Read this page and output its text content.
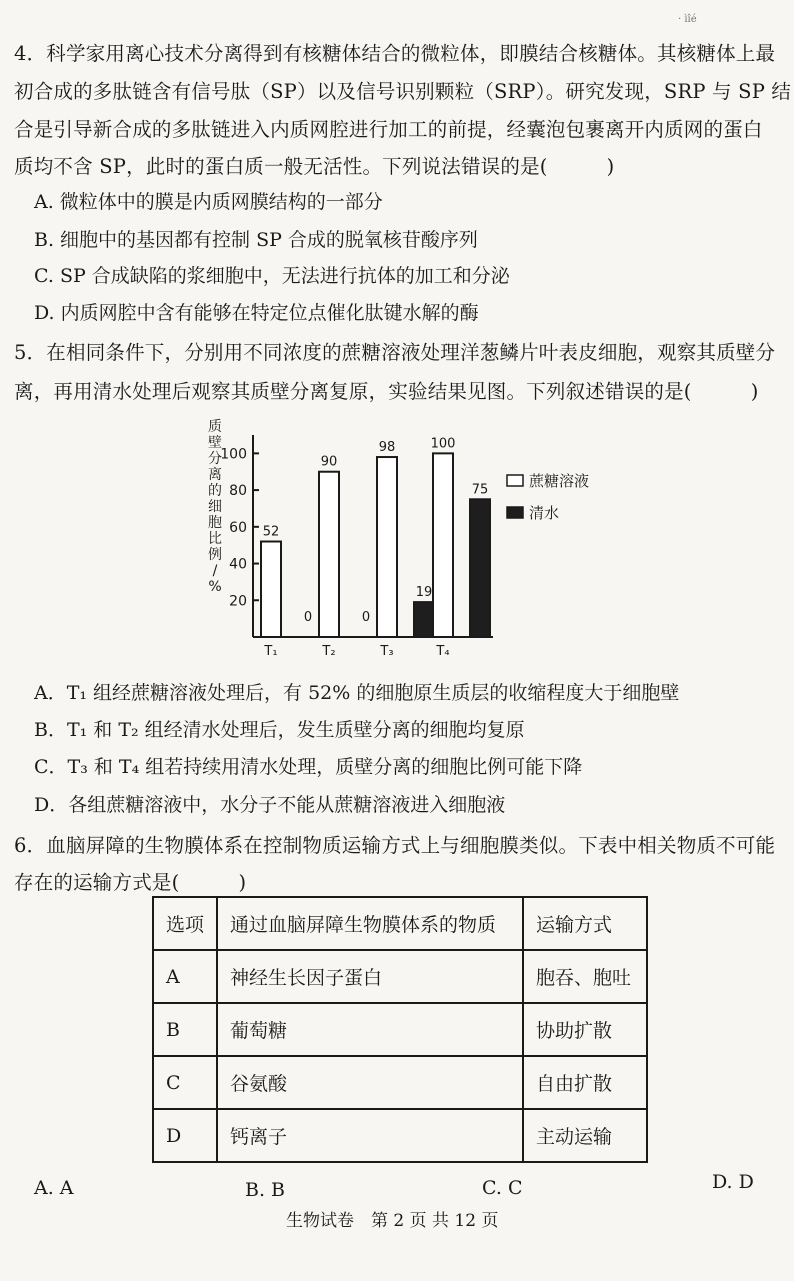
· ìîé
4．科学家用离心技术分离得到有核糖体结合的微粒体，即膜结合核糖体。其核糖体上最
初合成的多肽链含有信号肽（SP）以及信号识别颗粒（SRP）。研究发现，SRP 与 SP 结
合是引导新合成的多肽链进入内质网腔进行加工的前提，经囊泡包裹离开内质网的蛋白
质均不含 SP，此时的蛋白质一般无活性。下列说法错误的是(　　　)
A. 微粒体中的膜是内质网膜结构的一部分
B. 细胞中的基因都有控制 SP 合成的脱氧核苷酸序列
C. SP 合成缺陷的浆细胞中，无法进行抗体的加工和分泌
D. 内质网腔中含有能够在特定位点催化肽键水解的酶
5．在相同条件下，分别用不同浓度的蔗糖溶液处理洋葱鳞片叶表皮细胞，观察其质壁分
离，再用清水处理后观察其质壁分离复原，实验结果见图。下列叙述错误的是(　　　)
质
壁
分
离
的
细
胞
比
例
/
%
20
40
60
80
100
52
0
90
0
98
19
100
75
T₁	T₂	T₃	T₄
蔗糖溶液
清水
A．T₁ 组经蔗糖溶液处理后，有 52% 的细胞原生质层的收缩程度大于细胞壁
B．T₁ 和 T₂ 组经清水处理后，发生质壁分离的细胞均复原
C．T₃ 和 T₄ 组若持续用清水处理，质壁分离的细胞比例可能下降
D．各组蔗糖溶液中，水分子不能从蔗糖溶液进入细胞液
6．血脑屏障的生物膜体系在控制物质运输方式上与细胞膜类似。下表中相关物质不可能
存在的运输方式是(　　　)
选项	通过血脑屏障生物膜体系的物质	运输方式
A	神经生长因子蛋白	胞吞、胞吐
B	葡萄糖	协助扩散
C	谷氨酸	自由扩散
D	钙离子	主动运输
A. A	B. B	C. C	D. D
生物试卷　第 2 页 共 12 页
